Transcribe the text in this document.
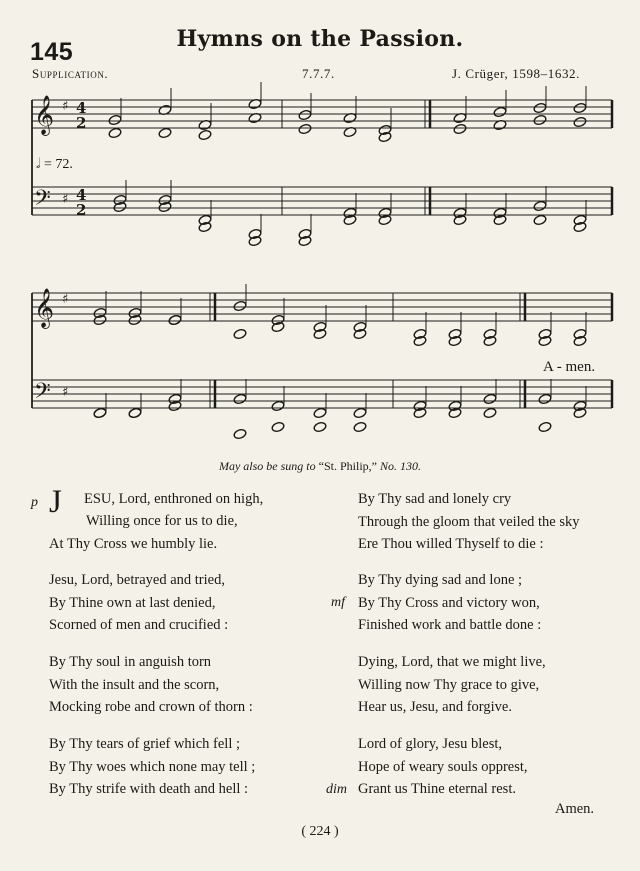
145	Hymns on the Passion.
Supplication.	7.7.7.	J. Crüger, 1598–1632.
𝄞 ♯ 4
2
𝄢 ♯ 4
2
𝄞 ♯
𝄢 ♯
𝅗𝅥 = 72.
A - men.
May also be sung to “St. Philip,” No. 130.
p J ESU, Lord, enthroned on high,
Willing once for us to die,
At Thy Cross we humbly lie.
Jesu, Lord, betrayed and tried,
By Thine own at last denied,
Scorned of men and crucified :
By Thy soul in anguish torn
With the insult and the scorn,
Mocking robe and crown of thorn :
By Thy tears of grief which fell ;
By Thy woes which none may tell ;
By Thy strife with death and hell :
By Thy sad and lonely cry
Through the gloom that veiled the sky
Ere Thou willed Thyself to die :
mf
By Thy dying sad and lone ;
By Thy Cross and victory won,
Finished work and battle done :
Dying, Lord, that we might live,
Willing now Thy grace to give,
Hear us, Jesu, and forgive.
dim
Lord of glory, Jesu blest,
Hope of weary souls opprest,
Grant us Thine eternal rest.
Amen.
( 224 )
